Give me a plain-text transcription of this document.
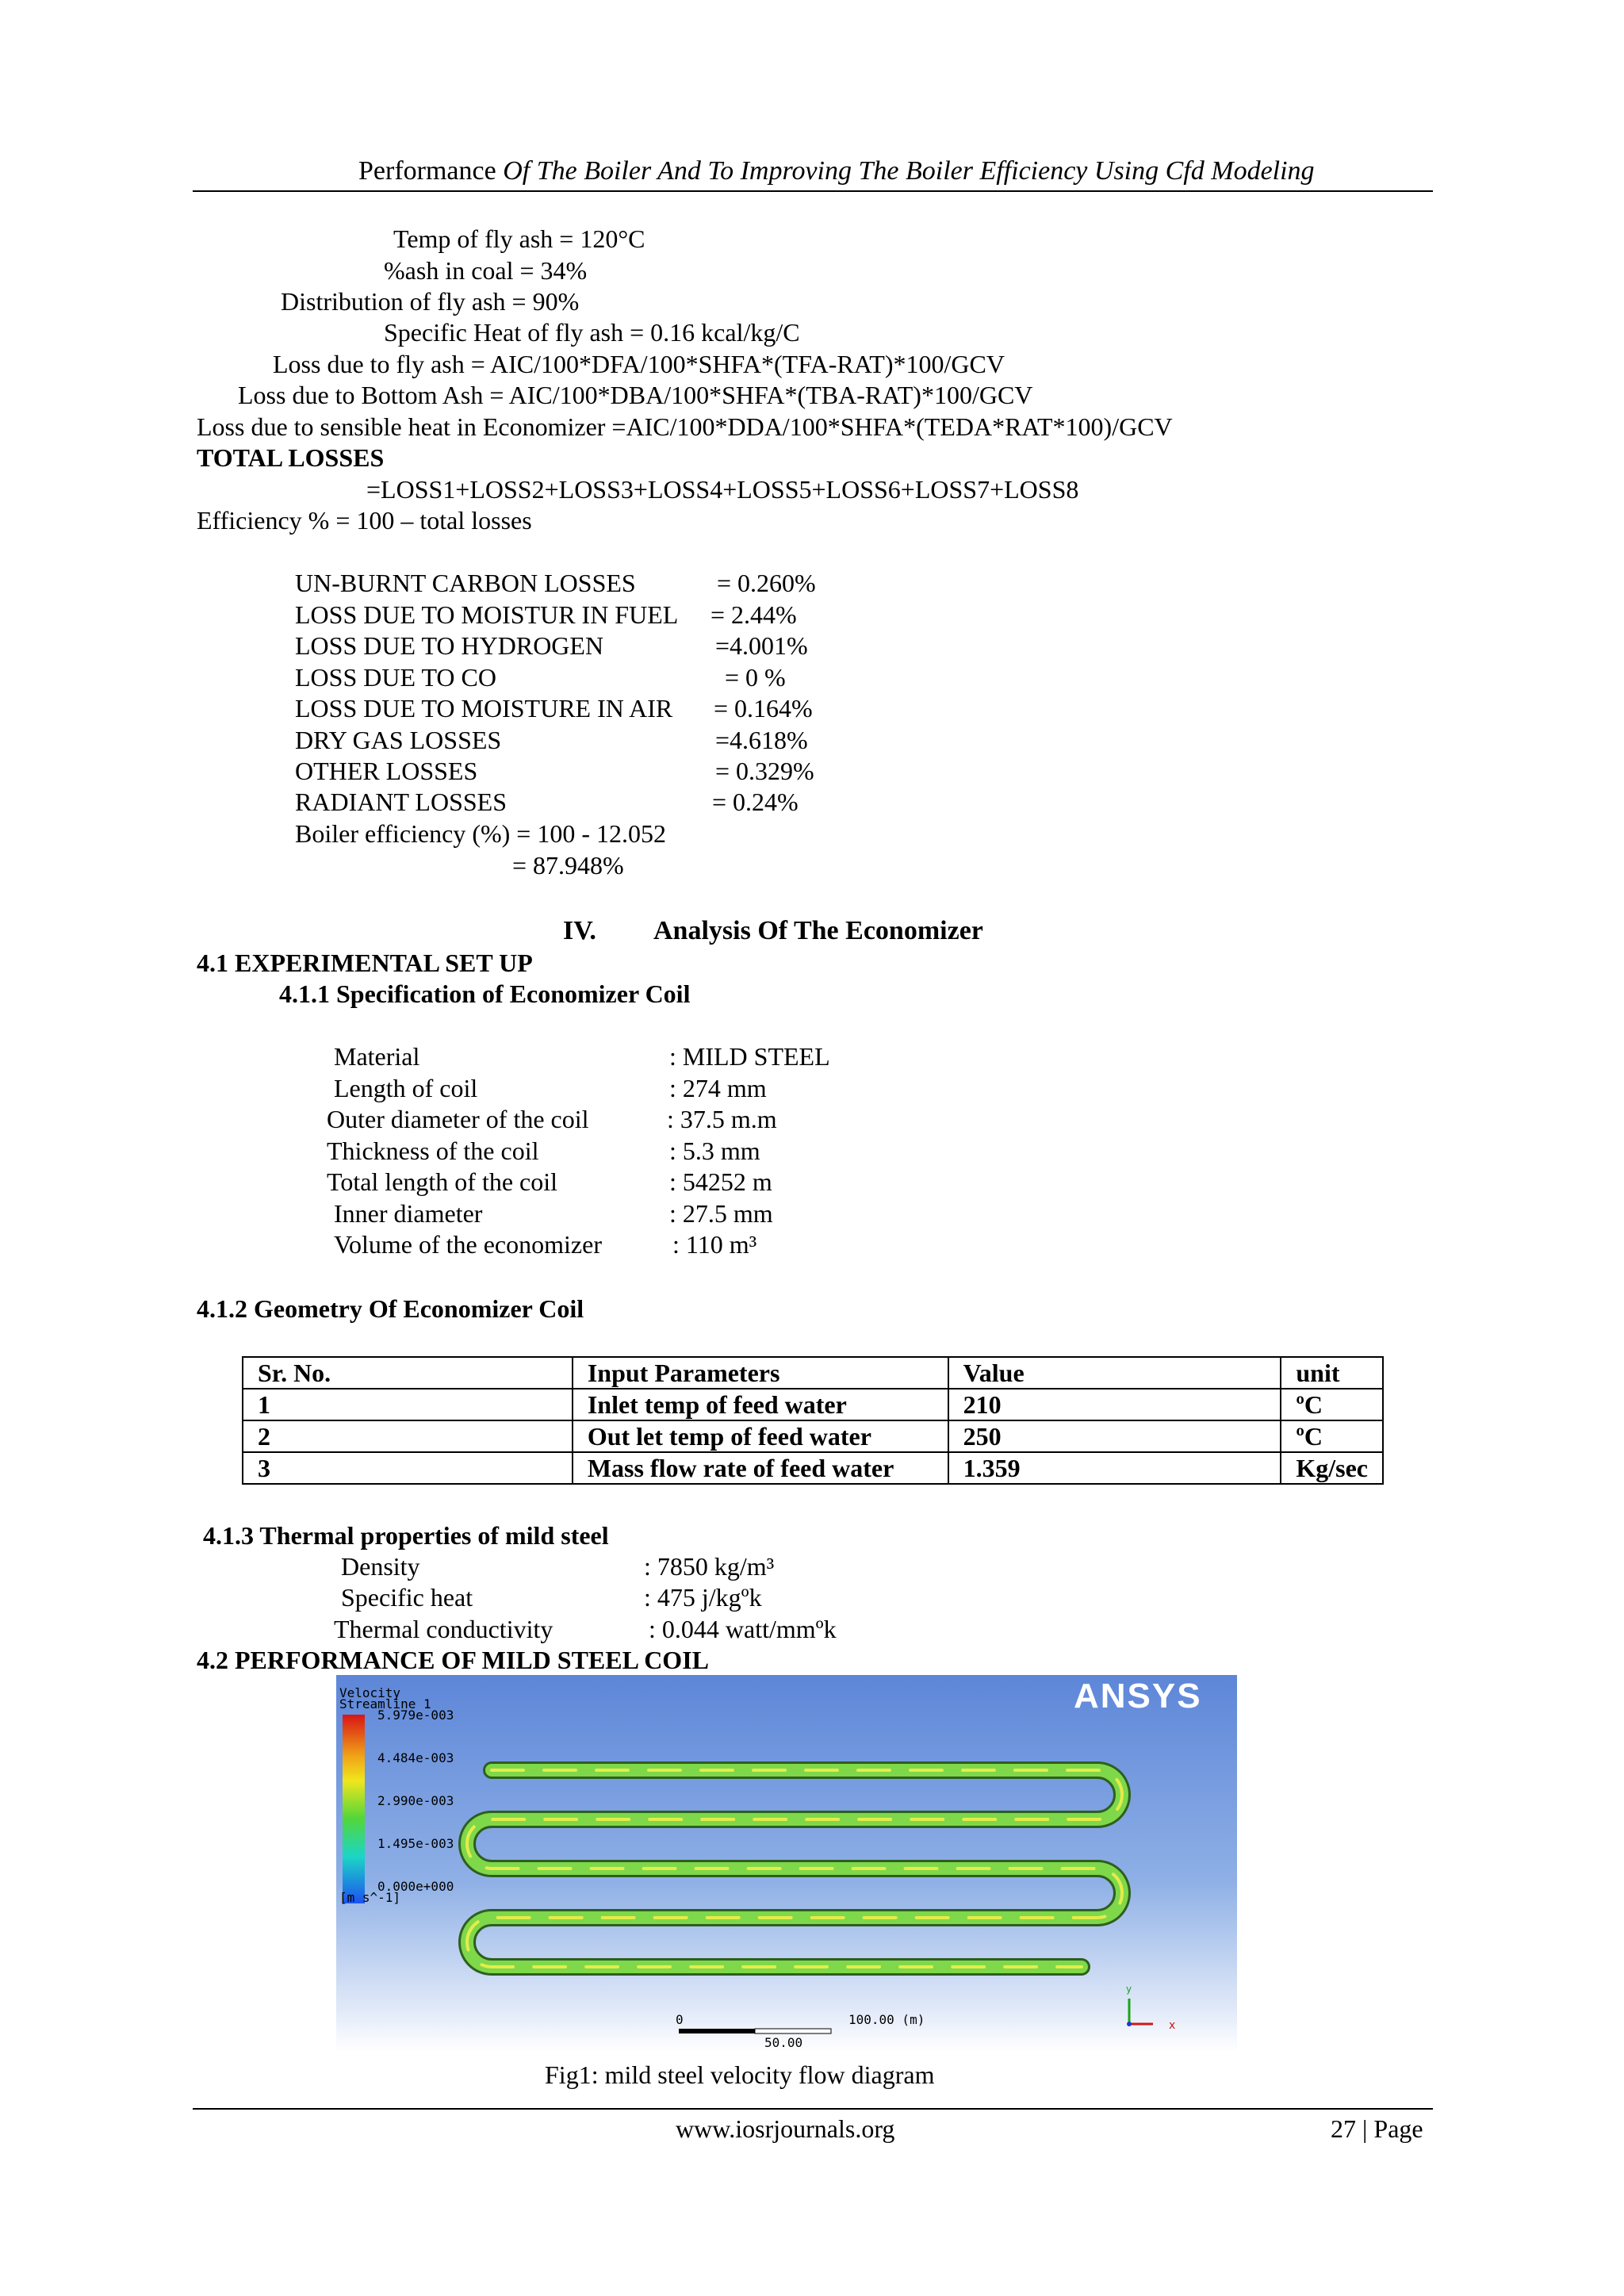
Performance Of The Boiler And To Improving The Boiler Efficiency Using Cfd Modeling
Temp of fly ash = 120°C
%ash in coal = 34%
Distribution of fly ash = 90%
Specific Heat of fly ash = 0.16 kcal/kg/C
Loss due to fly ash = AIC/100*DFA/100*SHFA*(TFA-RAT)*100/GCV
Loss due to Bottom Ash = AIC/100*DBA/100*SHFA*(TBA-RAT)*100/GCV
Loss due to sensible heat in Economizer =AIC/100*DDA/100*SHFA*(TEDA*RAT*100)/GCV
TOTAL LOSSES
=LOSS1+LOSS2+LOSS3+LOSS4+LOSS5+LOSS6+LOSS7+LOSS8
Efficiency % = 100 – total losses
UN-BURNT CARBON LOSSES	= 0.260%
LOSS DUE TO MOISTUR IN FUEL = 2.44%
LOSS DUE TO HYDROGEN	=4.001%
LOSS DUE TO CO	= 0 %
LOSS DUE TO MOISTURE IN AIR = 0.164%
DRY GAS LOSSES	=4.618%
OTHER LOSSES	= 0.329%
RADIANT LOSSES	= 0.24%
Boiler efficiency (%) = 100 - 12.052
= 87.948%
IV. Analysis Of The Economizer
4.1 EXPERIMENTAL SET UP
4.1.1 Specification of Economizer Coil
Material	: MILD STEEL
Length of coil	: 274 mm
Outer diameter of the coil	: 37.5 m.m
Thickness of the coil	: 5.3 mm
Total length of the coil	: 54252 m
Inner diameter	: 27.5 mm
Volume of the economizer	: 110 m³
4.1.2 Geometry Of Economizer Coil
Sr. No.	Input Parameters	Value	unit
1	Inlet temp of feed water	210	ºC
2	Out let temp of feed water	250	ºC
3	Mass flow rate of feed water	1.359	Kg/sec
4.1.3 Thermal properties of mild steel
Density	: 7850 kg/m³
Specific heat	: 475 j/kgºk
Thermal conductivity	: 0.044 watt/mmºk
4.2 PERFORMANCE OF MILD STEEL COIL
Velocity
Streamline 1
5.979e-003
4.484e-003
2.990e-003
1.495e-003
0.000e+000
[m s^-1]
ANSYS
x
y
0	100.00 (m)
50.00
Fig1: mild steel velocity flow diagram
www.iosrjournals.org	27 | Page
